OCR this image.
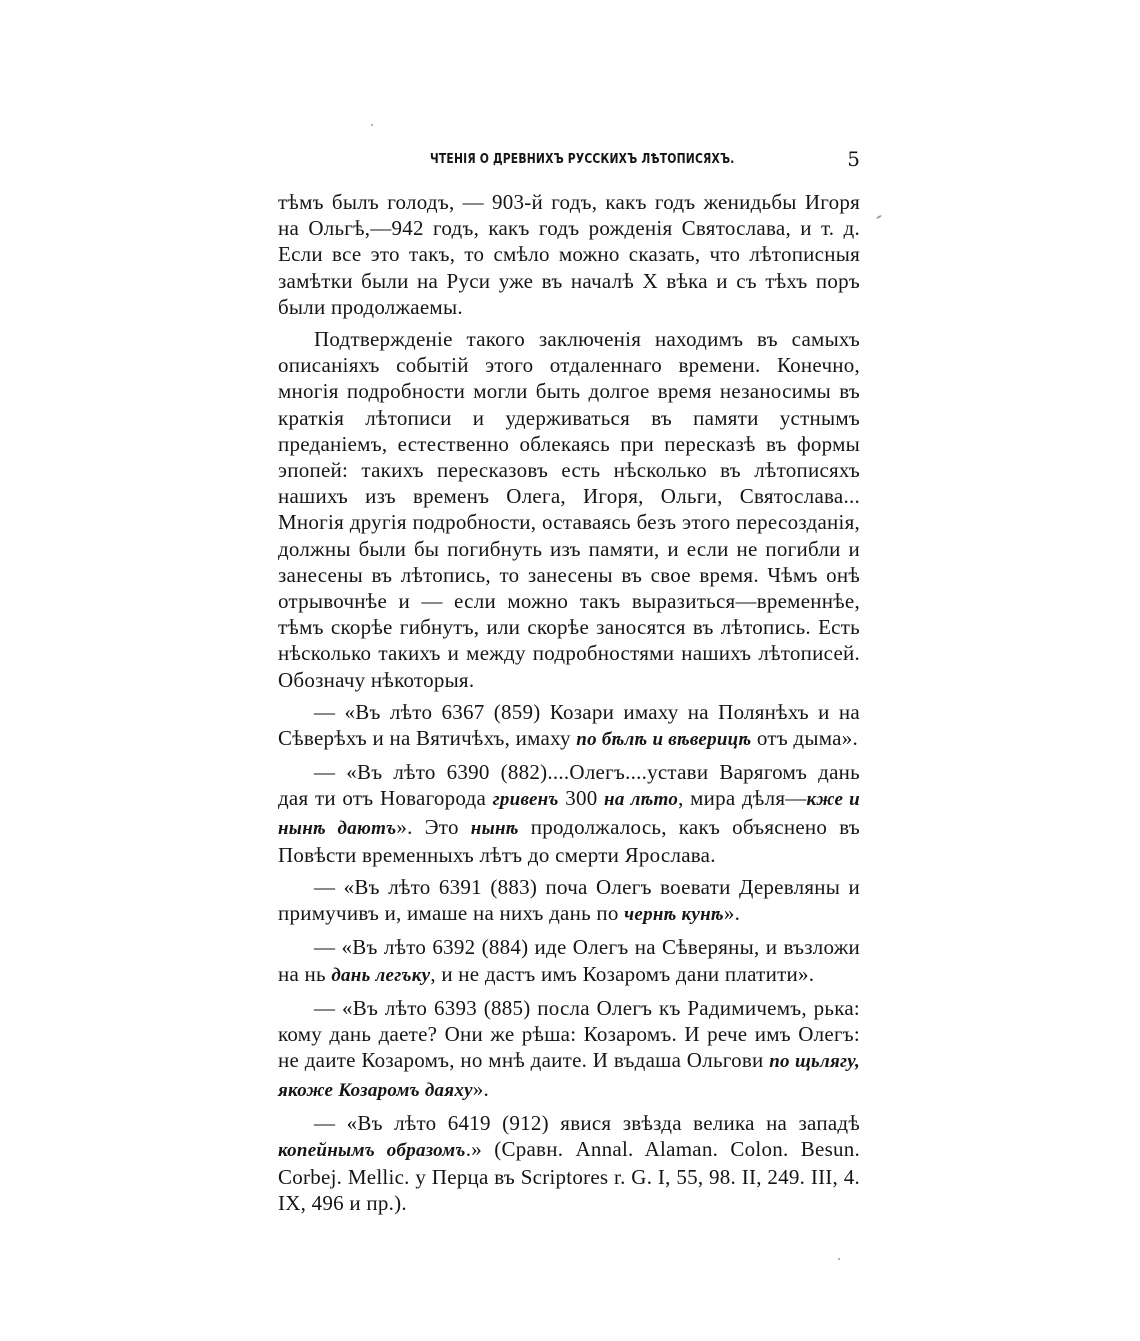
ЧТЕНІЯ О ДРЕВНИХЪ РУССКИХЪ ЛѢТОПИСЯХЪ.	5

тѣмъ былъ голодъ, — 903-й годъ, какъ годъ женидьбы Игоря на Ольгѣ,—942 годъ, какъ годъ рожденія Святослава, и т. д. Если все это такъ, то смѣло можно сказать, что лѣтописныя замѣтки были на Руси уже въ началѣ X вѣка и съ тѣхъ поръ были продолжаемы.

Подтвержденіе такого заключенія находимъ въ самыхъ описаніяхъ событій этого отдаленнаго времени. Конечно, многія подробности могли быть долгое время незаносимы въ краткія лѣтописи и удерживаться въ памяти устнымъ преданіемъ, естественно облекаясь при пересказѣ въ формы эпопей: такихъ пересказовъ есть нѣсколько въ лѣтописяхъ нашихъ изъ временъ Олега, Игоря, Ольги, Святослава... Многія другія подробности, оставаясь безъ этого пересозданія, должны были бы погибнуть изъ памяти, и если не погибли и занесены въ лѣтопись, то занесены въ свое время. Чѣмъ онѣ отрывочнѣе и — если можно такъ выразиться—временнѣе, тѣмъ скорѣе гибнутъ, или скорѣе заносятся въ лѣтопись. Есть нѣсколько такихъ и между подробностями нашихъ лѣтописей. Обозначу нѣкоторыя.

— «Въ лѣто 6367 (859) Козари имаху на Полянѣхъ и на Сѣверѣхъ и на Вятичѣхъ, имаху по бѣлѣ и вѣверицѣ отъ дыма».

— «Въ лѣто 6390 (882)....Олегъ....устави Варягомъ дань дая ти отъ Новагорода гривенъ 300 на лѣто, мира дѣля—кже и нынѣ даютъ». Это нынѣ продолжалось, какъ объяснено въ Повѣсти временныхъ лѣтъ до смерти Ярослава.

— «Въ лѣто 6391 (883) поча Олегъ воевати Деревляны и примучивъ и, имаше на нихъ дань по чернѣ кунѣ».

— «Въ лѣто 6392 (884) иде Олегъ на Сѣверяны, и възложи на нь дань легъку, и не дастъ имъ Козаромъ дани платити».

— «Въ лѣто 6393 (885) посла Олегъ къ Радимичемъ, рька: кому дань даете? Они же рѣша: Козаромъ. И рече имъ Олегъ: не даите Козаромъ, но мнѣ даите. И въдаша Ольгови по щьлягу, якоже Козаромъ даяху».

— «Въ лѣто 6419 (912) явися звѣзда велика на западѣ копейнымъ образомъ.» (Сравн. Annal. Alaman. Colon. Besun. Corbej. Mellic. у Перца въ Scriptores r. G. I, 55, 98. II, 249. III, 4. IX, 496 и пр.).
